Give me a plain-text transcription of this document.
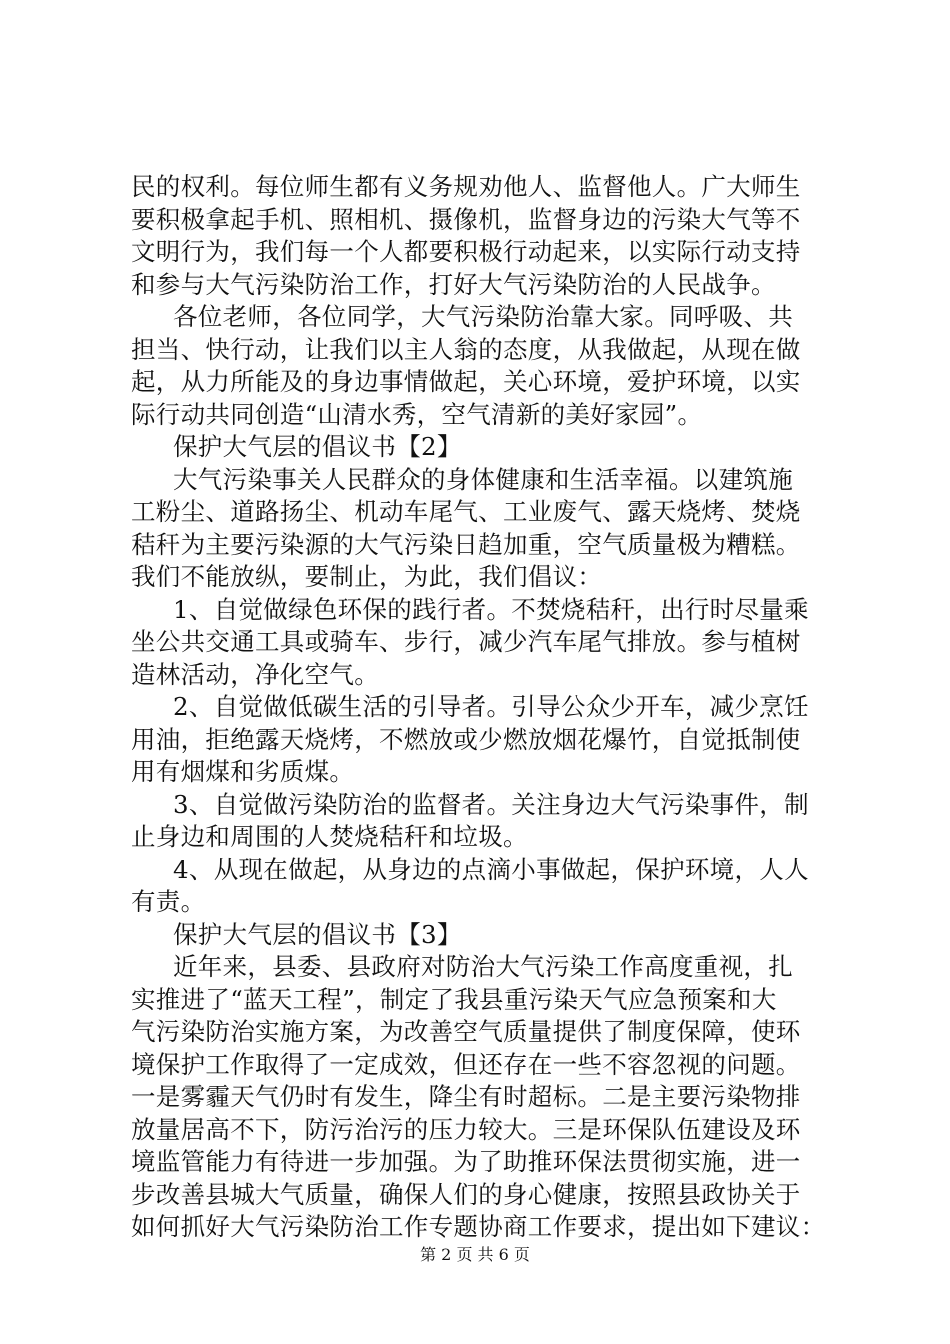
民的权利。每位师生都有义务规劝他人、监督他人。广大师生
要积极拿起手机、照相机、摄像机，监督身边的污染大气等不
文明行为，我们每一个人都要积极行动起来，以实际行动支持
和参与大气污染防治工作，打好大气污染防治的人民战争。
各位老师，各位同学，大气污染防治靠大家。同呼吸、共
担当、快行动，让我们以主人翁的态度，从我做起，从现在做
起，从力所能及的身边事情做起，关心环境，爱护环境，以实
际行动共同创造“山清水秀，空气清新的美好家园”。
保护大气层的倡议书【2】
大气污染事关人民群众的身体健康和生活幸福。以建筑施
工粉尘、道路扬尘、机动车尾气、工业废气、露天烧烤、焚烧
秸秆为主要污染源的大气污染日趋加重，空气质量极为糟糕。
我们不能放纵，要制止，为此，我们倡议：
1、自觉做绿色环保的践行者。不焚烧秸秆，出行时尽量乘
坐公共交通工具或骑车、步行，减少汽车尾气排放。参与植树
造林活动，净化空气。
2、自觉做低碳生活的引导者。引导公众少开车，减少烹饪
用油，拒绝露天烧烤，不燃放或少燃放烟花爆竹，自觉抵制使
用有烟煤和劣质煤。
3、自觉做污染防治的监督者。关注身边大气污染事件，制
止身边和周围的人焚烧秸秆和垃圾。
4、从现在做起，从身边的点滴小事做起，保护环境，人人
有责。
保护大气层的倡议书【3】
近年来，县委、县政府对防治大气污染工作高度重视，扎
实推进了“蓝天工程”，制定了我县重污染天气应急预案和大
气污染防治实施方案，为改善空气质量提供了制度保障，使环
境保护工作取得了一定成效，但还存在一些不容忽视的问题。
一是雾霾天气仍时有发生，降尘有时超标。二是主要污染物排
放量居高不下，防污治污的压力较大。三是环保队伍建设及环
境监管能力有待进一步加强。为了助推环保法贯彻实施，进一
步改善县城大气质量，确保人们的身心健康，按照县政协关于
如何抓好大气污染防治工作专题协商工作要求，提出如下建议：
第 2 页 共 6 页
